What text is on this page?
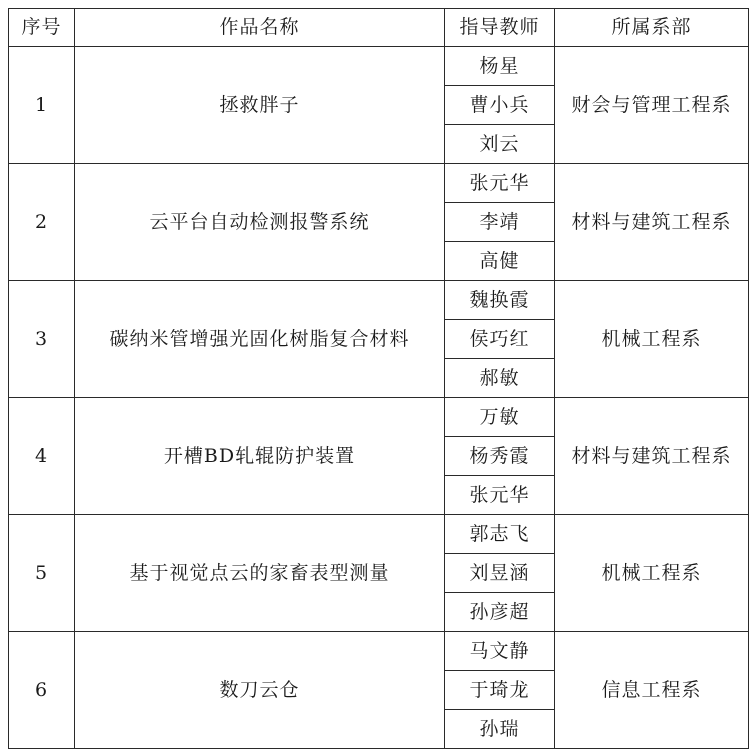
序号	作品名称	指导教师	所属系部
1	拯救胖子	杨星	财会与管理工程系
		曹小兵	
		刘云	
2	云平台自动检测报警系统	张元华	材料与建筑工程系
		李靖	
		高健	
3	碳纳米管增强光固化树脂复合材料	魏换霞	机械工程系
		侯巧红	
		郝敏	
4	开槽BD轧辊防护装置	万敏	材料与建筑工程系
		杨秀霞	
		张元华	
5	基于视觉点云的家畜表型测量	郭志飞	机械工程系
		刘昱涵	
		孙彦超	
6	数刀云仓	马文静	信息工程系
		于琦龙	
		孙瑞	
